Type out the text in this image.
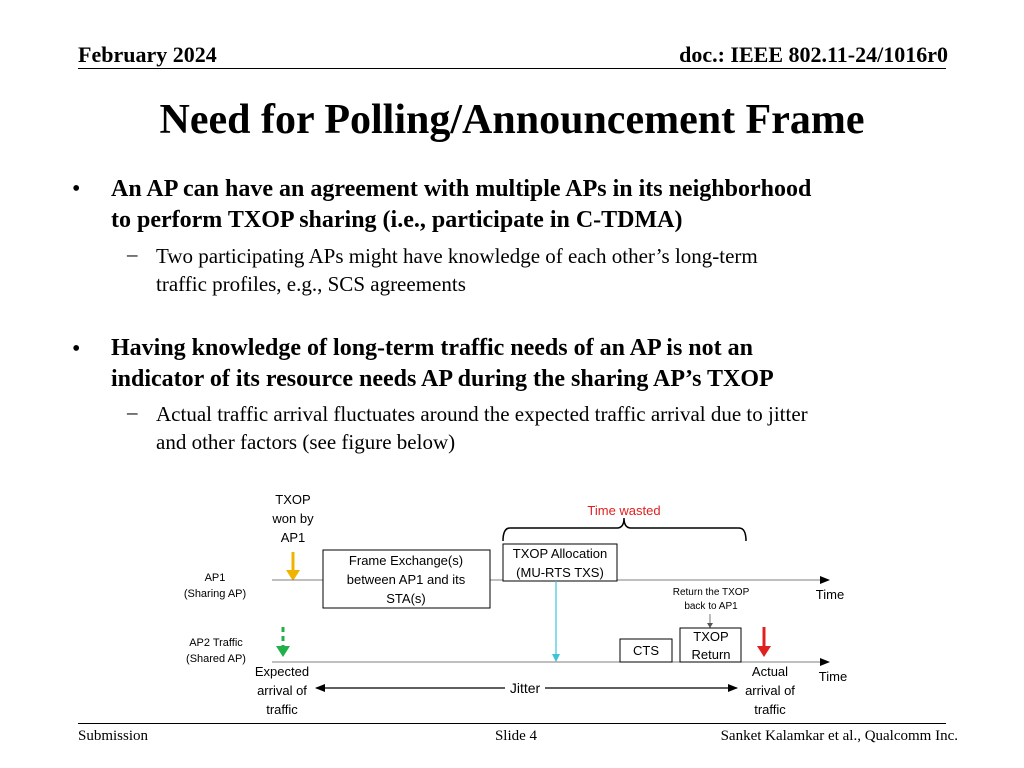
February 2024	doc.: IEEE 802.11-24/1016r0
Need for Polling/Announcement Frame
• An AP can have an agreement with multiple APs in its neighborhood
to perform TXOP sharing (i.e., participate in C-TDMA)
– Two participating APs might have knowledge of each other’s long-term
traffic profiles, e.g., SCS agreements
• Having knowledge of long-term traffic needs of an AP is not an
indicator of its resource needs AP during the sharing AP’s TXOP
– Actual traffic arrival fluctuates around the expected traffic arrival due to jitter
and other factors (see figure below)
TXOP
won by
AP1
Time wasted
AP1
(Sharing AP)	Time
Frame Exchange(s)
between AP1 and its
STA(s)
TXOP Allocation
(MU-RTS TXS)
Return the TXOP
back to AP1
AP2 Traffic
(Shared AP)
Time
CTS
TXOP
Return
Expected
arrival of
traffic
Actual
arrival of
traffic
Jitter
Submission	Slide 4	Sanket Kalamkar et al., Qualcomm Inc.
